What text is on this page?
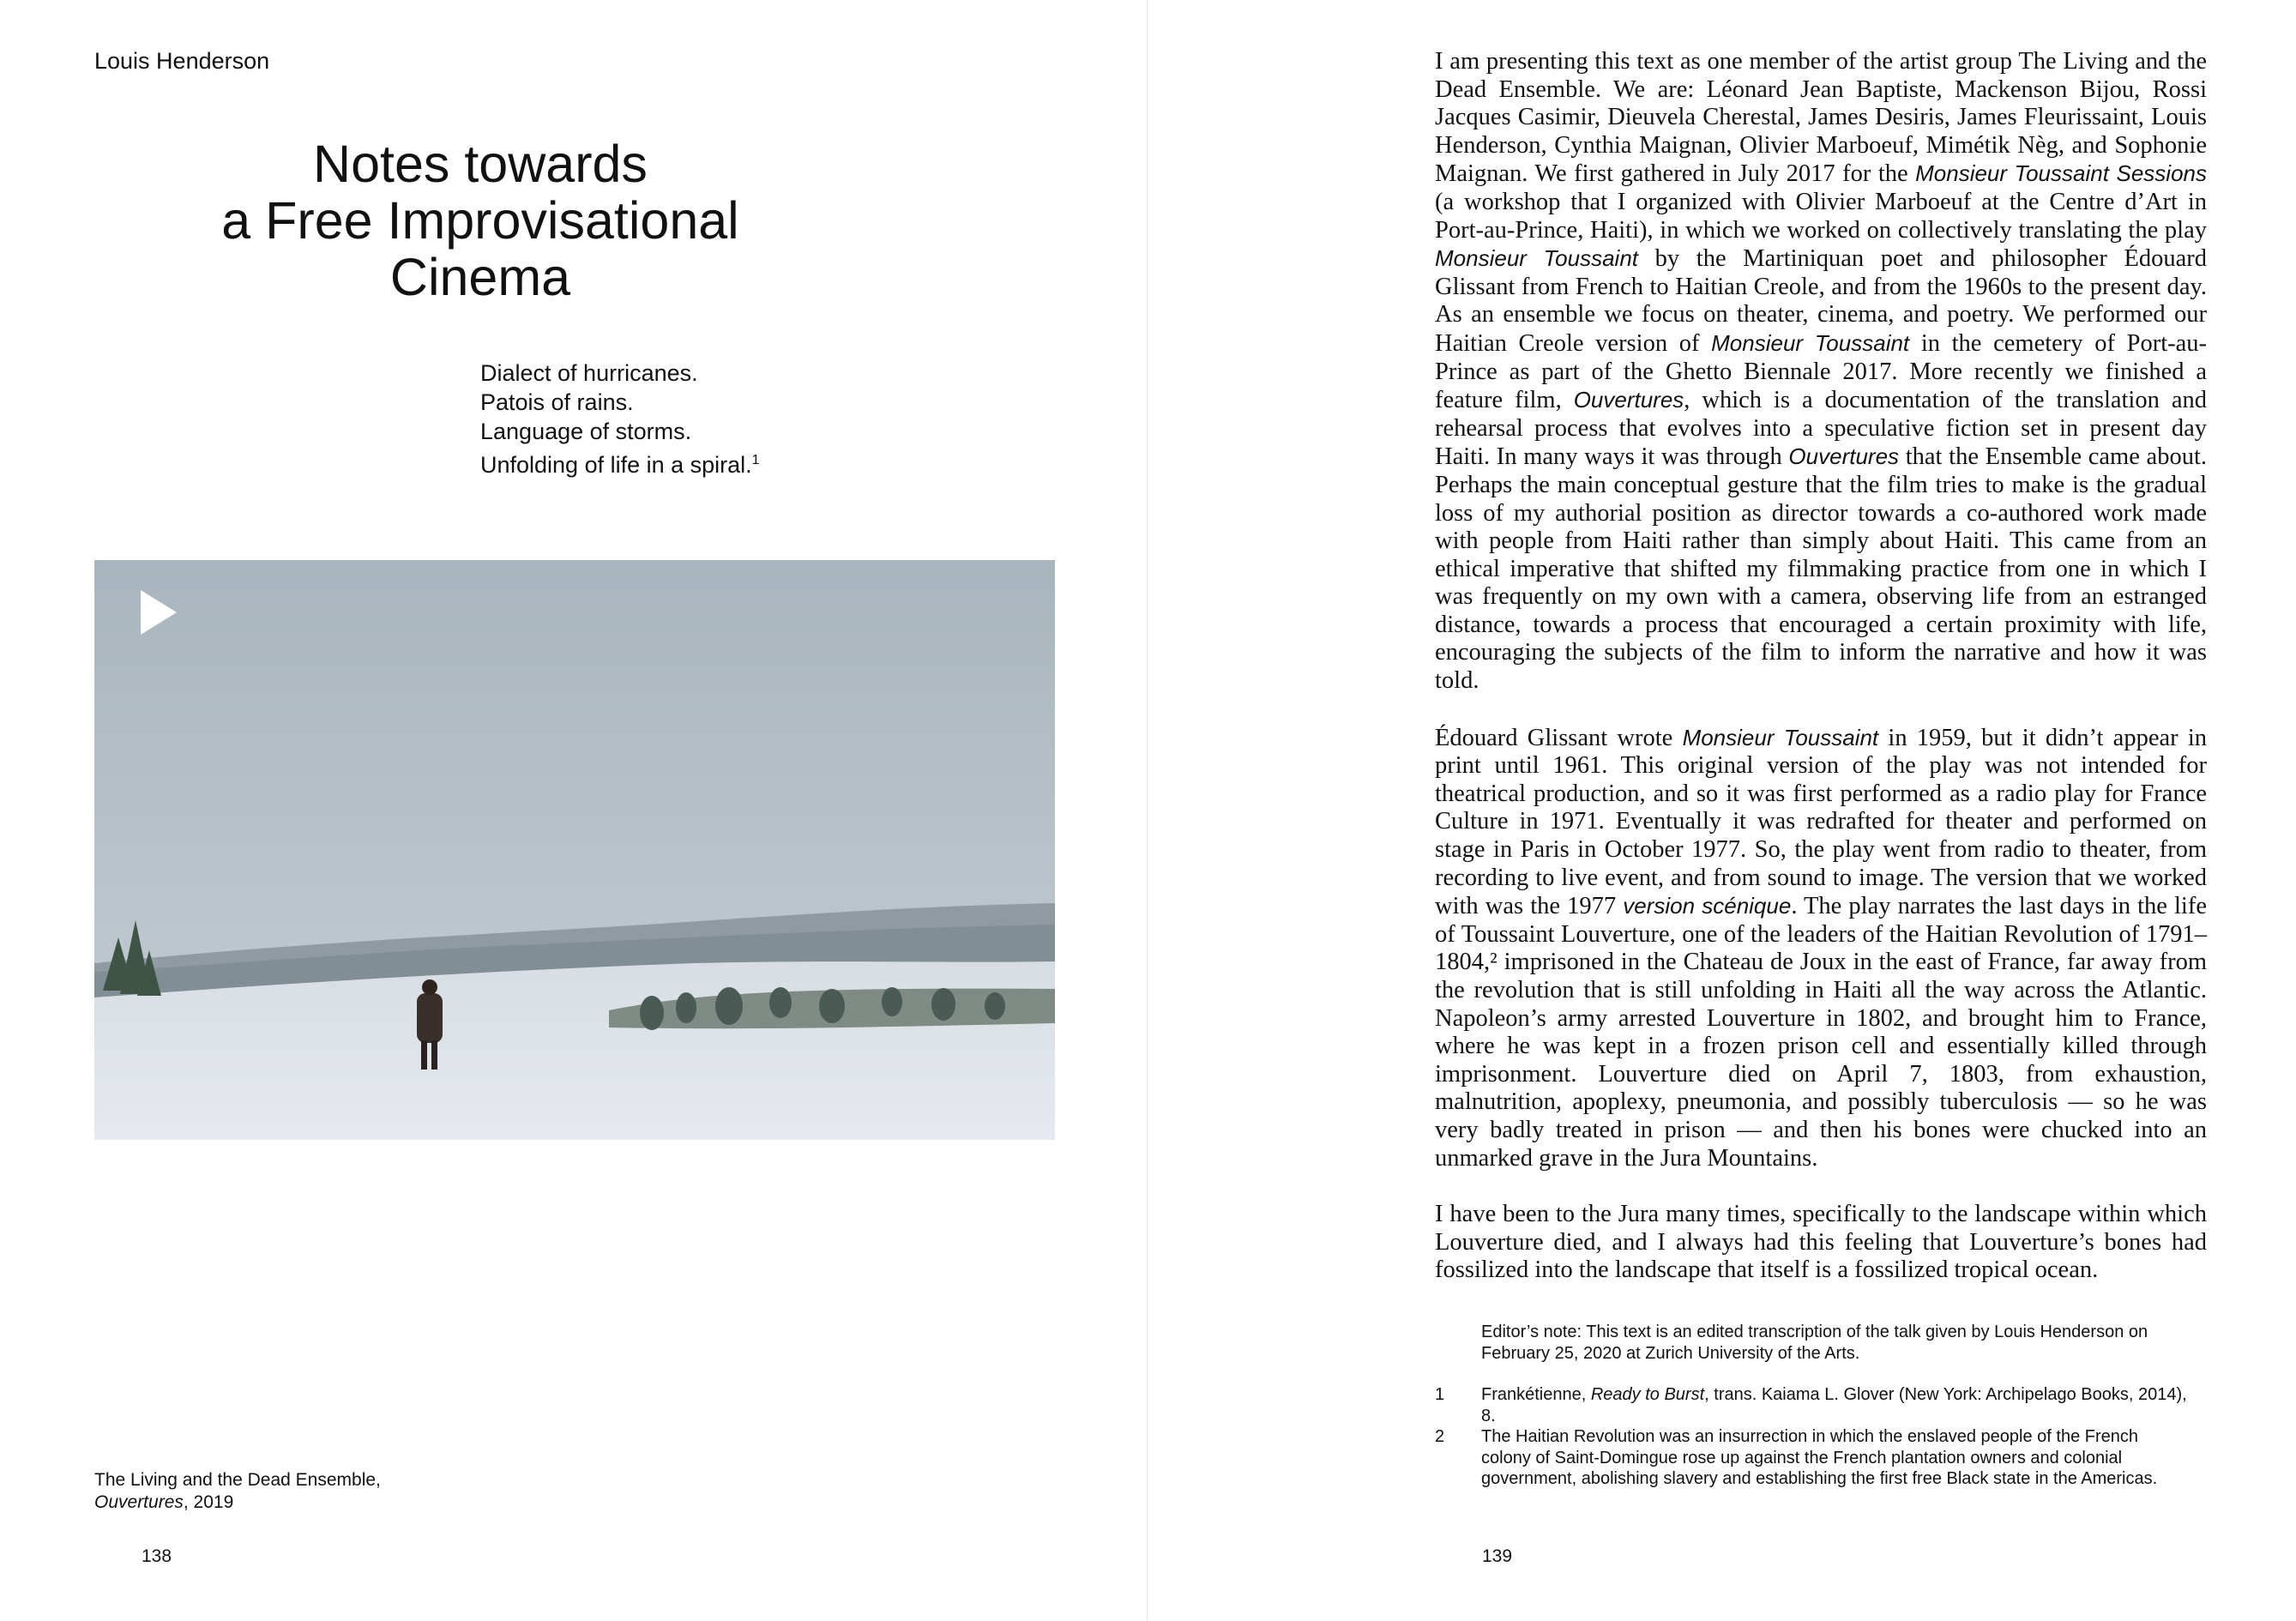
Louis Henderson
Notes towards
a Free Improvisational
Cinema
Dialect of hurricanes.
Patois of rains.
Language of storms.
Unfolding of life in a spiral.$^1$
The Living and the Dead Ensemble,
Ouvertures, 2019
138

I am presenting this text as one member of the artist group The Living and the Dead Ensemble. We are: Léonard Jean Baptiste, Mackenson Bijou, Rossi Jacques Casimir, Dieuvela Cherestal, James Desiris, James Fleurissaint, Louis Henderson, Cynthia Maignan, Olivier Marboeuf, Mimétik Nèg, and Sophonie Maignan. We first gathered in July 2017 for the Monsieur Toussaint Sessions (a workshop that I organized with Olivier Marboeuf at the Centre d’Art in Port-au-Prince, Haiti), in which we worked on collectively translating the play Monsieur Toussaint by the Martiniquan poet and philosopher Édouard Glissant from French to Haitian Creole, and from the 1960s to the present day. As an ensemble we focus on theater, cinema, and poetry. We performed our Haitian Creole version of Monsieur Toussaint in the cemetery of Port-au-Prince as part of the Ghetto Biennale 2017. More recently we finished a feature film, Ouvertures, which is a documentation of the translation and rehearsal process that evolves into a speculative fiction set in present day Haiti. In many ways it was through Ouvertures that the Ensemble came about. Perhaps the main conceptual gesture that the film tries to make is the gradual loss of my authorial position as director towards a co-authored work made with people from Haiti rather than simply about Haiti. This came from an ethical imperative that shifted my filmmaking practice from one in which I was frequently on my own with a camera, observing life from an estranged distance, towards a process that encouraged a certain proximity with life, encouraging the subjects of the film to inform the narrative and how it was told.

Édouard Glissant wrote Monsieur Toussaint in 1959, but it didn’t appear in print until 1961. This original version of the play was not intended for theatrical production, and so it was first performed as a radio play for France Culture in 1971. Eventually it was redrafted for theater and performed on stage in Paris in October 1977. So, the play went from radio to theater, from recording to live event, and from sound to image. The version that we worked with was the 1977 version scénique. The play narrates the last days in the life of Toussaint Louverture, one of the leaders of the Haitian Revolution of 1791–1804,² imprisoned in the Chateau de Joux in the east of France, far away from the revolution that is still unfolding in Haiti all the way across the Atlantic. Napoleon’s army arrested Louverture in 1802, and brought him to France, where he was kept in a frozen prison cell and essentially killed through imprisonment. Louverture died on April 7, 1803, from exhaustion, malnutrition, apoplexy, pneumonia, and possibly tuberculosis — so he was very badly treated in prison — and then his bones were chucked into an unmarked grave in the Jura Mountains.

I have been to the Jura many times, specifically to the landscape within which Louverture died, and I always had this feeling that Louverture’s bones had fossilized into the landscape that itself is a fossilized tropical ocean.

Editor’s note: This text is an edited transcription of the talk given by Louis Henderson on February 25, 2020 at Zurich University of the Arts.
1	Frankétienne, Ready to Burst, trans. Kaiama L. Glover (New York: Archipelago Books, 2014), 8.
2	The Haitian Revolution was an insurrection in which the enslaved people of the French colony of Saint-Domingue rose up against the French plantation owners and colonial government, abolishing slavery and establishing the first free Black state in the Americas.
139
